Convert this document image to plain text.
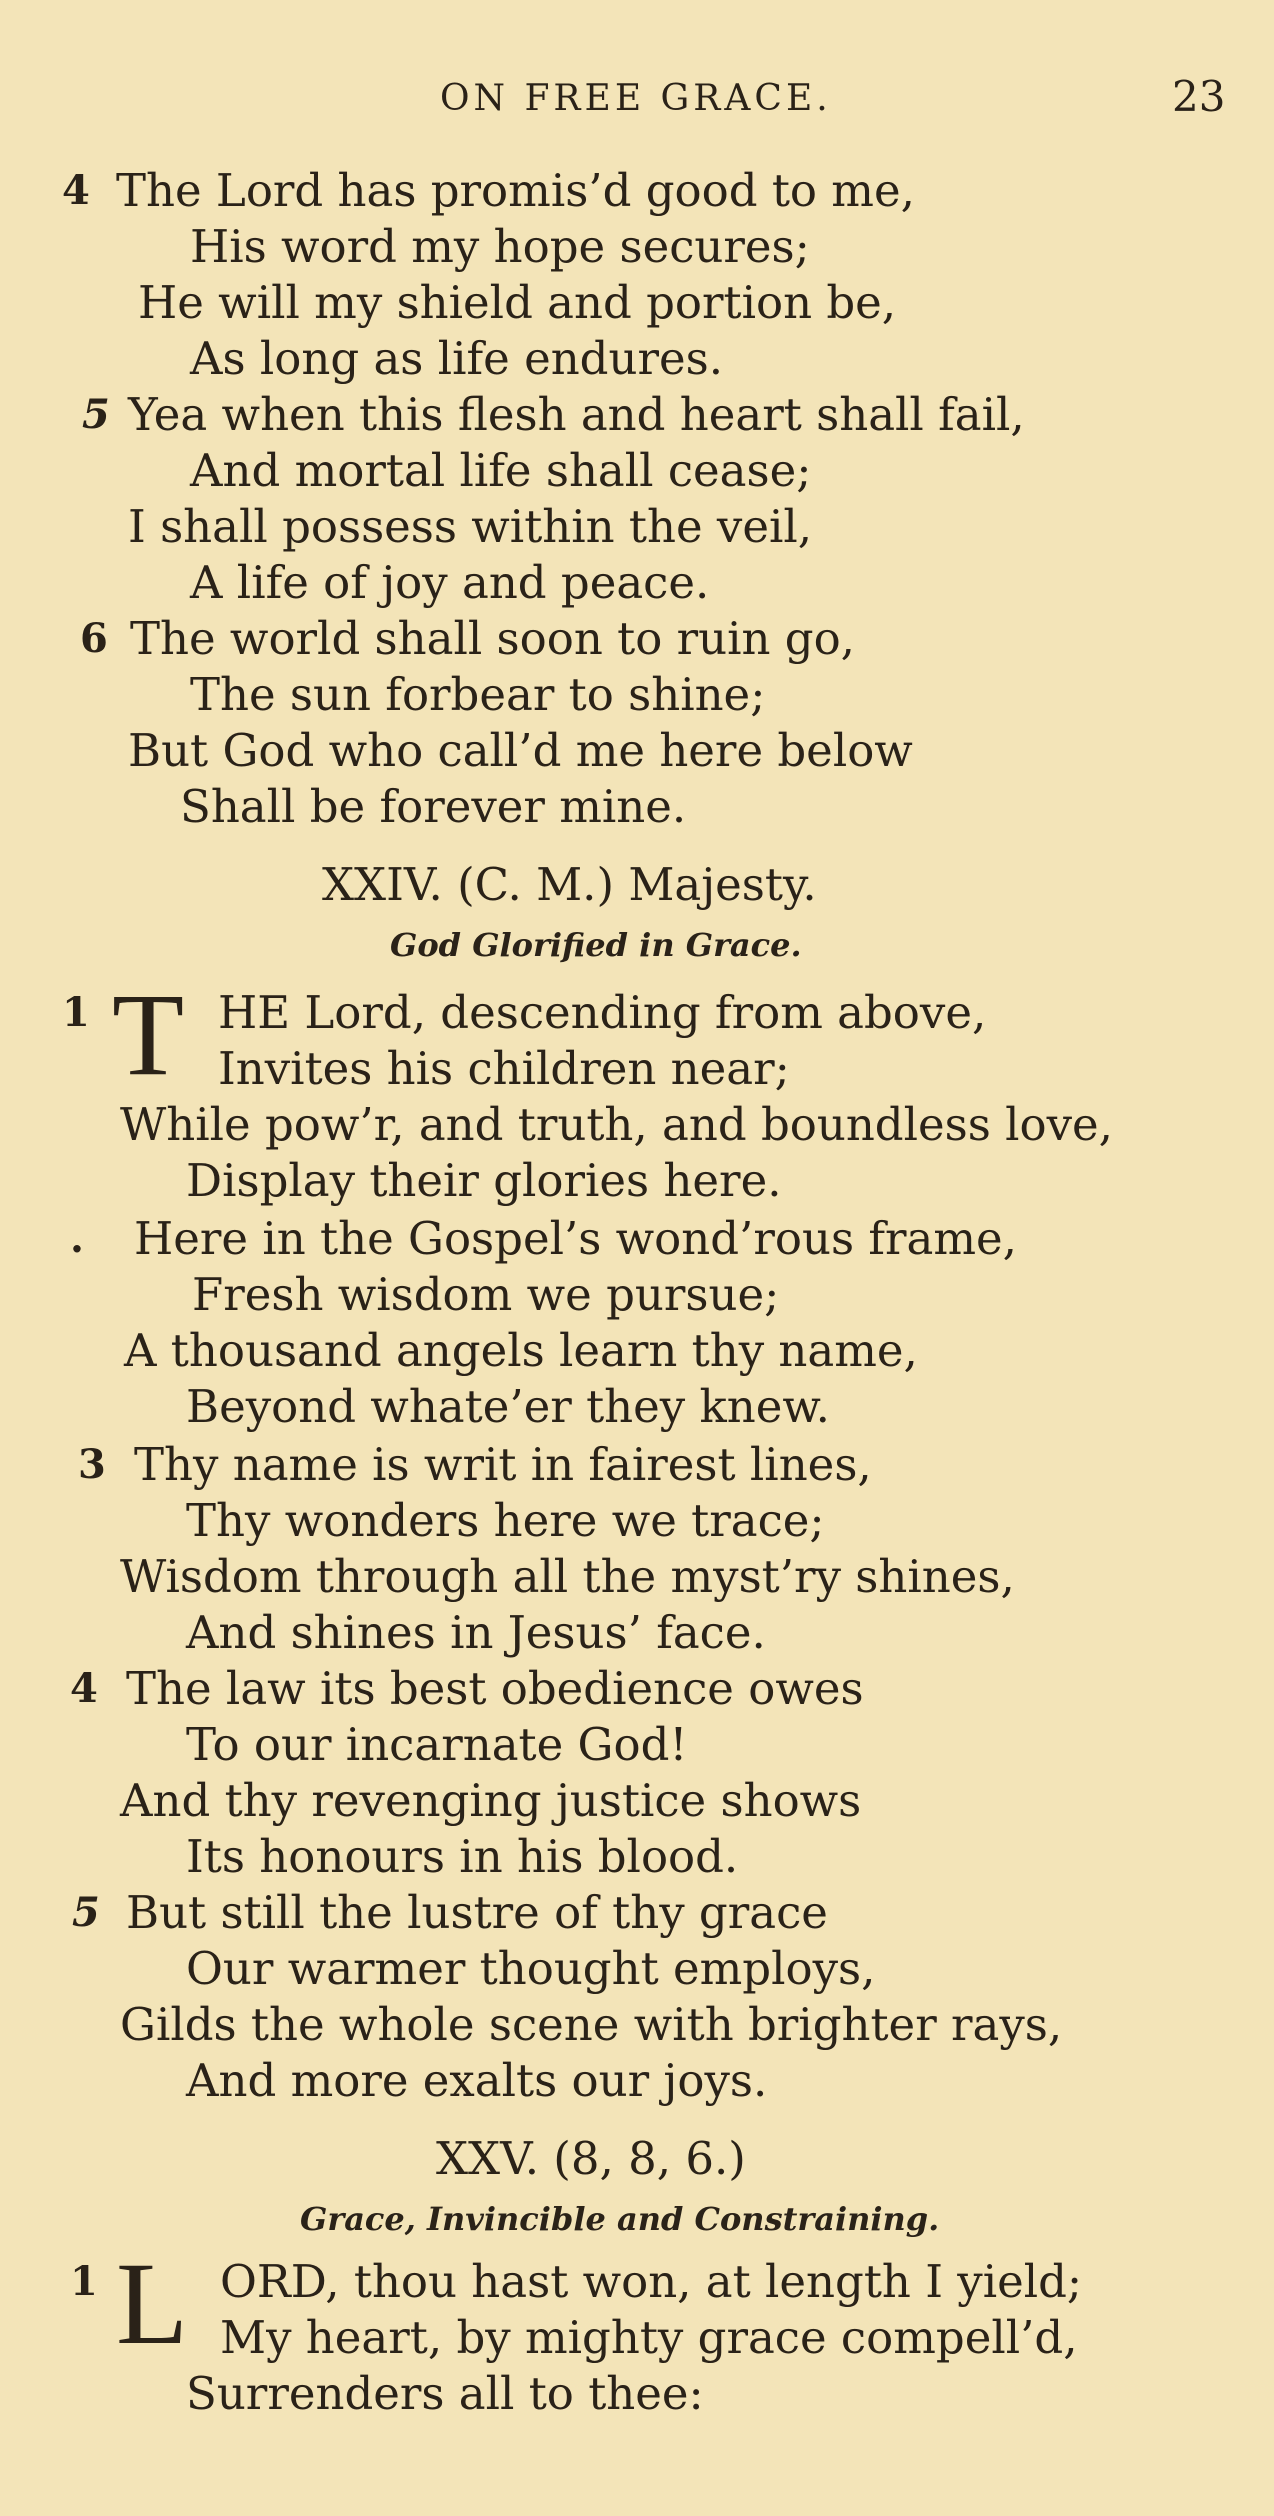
ON FREE GRACE.	23
4 The Lord has promis’d good to me,
His word my hope secures;
He will my shield and portion be,
As long as life endures.
5 Yea when this flesh and heart shall fail,
And mortal life shall cease;
I shall possess within the veil,
A life of joy and peace.
6 The world shall soon to ruin go,
The sun forbear to shine;
But God who call’d me here below
Shall be forever mine.
XXIV. (C. M.) Majesty.
God Glorified in Grace.
1 T HE Lord, descending from above,
Invites his children near;
While pow’r, and truth, and boundless love,
Display their glories here.
. Here in the Gospel’s wond’rous frame,
Fresh wisdom we pursue;
A thousand angels learn thy name,
Beyond whate’er they knew.
3 Thy name is writ in fairest lines,
Thy wonders here we trace;
Wisdom through all the myst’ry shines,
And shines in Jesus’ face.
4 The law its best obedience owes
To our incarnate God!
And thy revenging justice shows
Its honours in his blood.
5 But still the lustre of thy grace
Our warmer thought employs,
Gilds the whole scene with brighter rays,
And more exalts our joys.
XXV. (8, 8, 6.)
Grace, Invincible and Constraining.
1 L ORD, thou hast won, at length I yield;
My heart, by mighty grace compell’d,
Surrenders all to thee:
